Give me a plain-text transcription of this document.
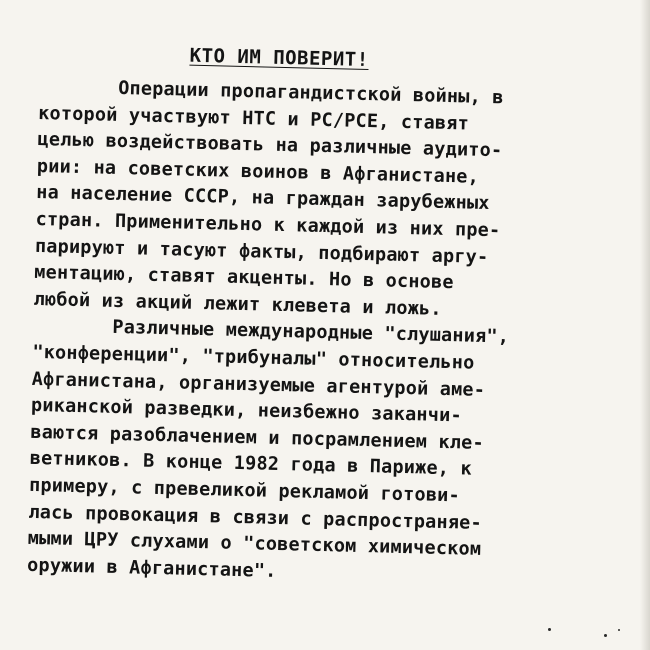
КТО ИМ ПОВЕРИТ!
Операции пропагандистской войны, в
которой участвуют НТС и РС/РСЕ, ставят
целью воздействовать на различные аудито-
рии: на советских воинов в Афганистане,
на население СССР, на граждан зарубежных
стран. Применительно к каждой из них пре-
парируют и тасуют факты, подбирают аргу-
ментацию, ставят акценты. Но в основе
любой из акций лежит клевета и ложь.
Различные международные "слушания",
"конференции", "трибуналы" относительно
Афганистана, организуемые агентурой аме-
риканской разведки, неизбежно заканчи-
ваются разоблачением и посрамлением кле-
ветников. В конце 1982 года в Париже, к
примеру, с превеликой рекламой готови-
лась провокация в связи с распространяе-
мыми ЦРУ слухами о "советском химическом
оружии в Афганистане".
